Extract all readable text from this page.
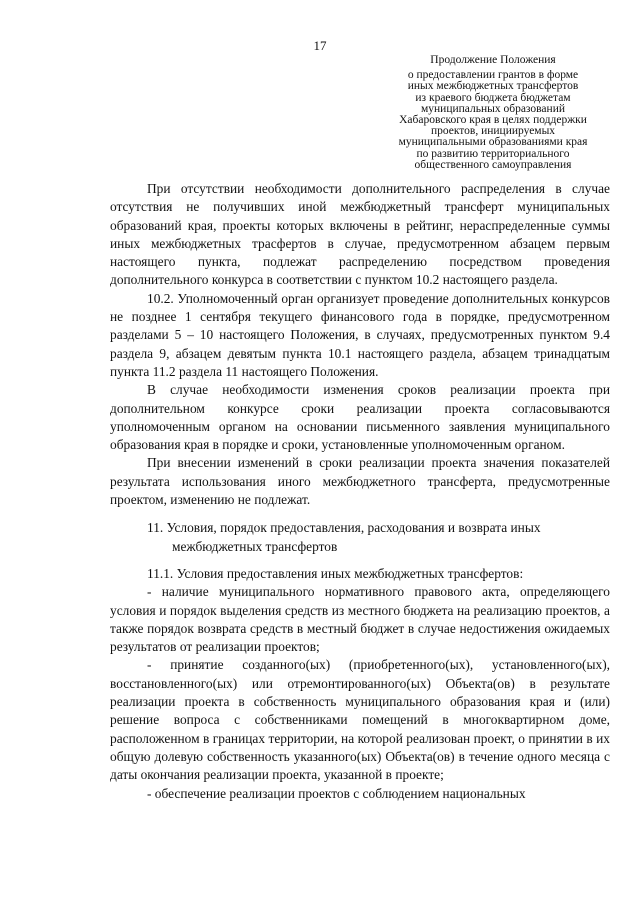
17
Продолжение Положения
о предоставлении грантов в форме
иных межбюджетных трансфертов
из краевого бюджета бюджетам
муниципальных образований
Хабаровского края в целях поддержки
проектов, инициируемых
муниципальными образованиями края
по развитию территориального
общественного самоуправления

При отсутствии необходимости дополнительного распределения в случае отсутствия не получивших иной межбюджетный трансферт муниципальных образований края, проекты которых включены в рейтинг, нераспределенные суммы иных межбюджетных трасфертов в случае, предусмотренном абзацем первым настоящего пункта, подлежат распределению посредством проведения дополнительного конкурса в соответствии с пунктом 10.2 настоящего раздела.

10.2. Уполномоченный орган организует проведение дополнительных конкурсов не позднее 1 сентября текущего финансового года в порядке, предусмотренном разделами 5 – 10 настоящего Положения, в случаях, предусмотренных пунктом 9.4 раздела 9, абзацем девятым пункта 10.1 настоящего раздела, абзацем тринадцатым пункта 11.2 раздела 11 настоящего Положения.

В случае необходимости изменения сроков реализации проекта при дополнительном конкурсе сроки реализации проекта согласовываются уполномоченным органом на основании письменного заявления муниципального образования края в порядке и сроки, установленные уполномоченным органом.

При внесении изменений в сроки реализации проекта значения показателей результата использования иного межбюджетного трансферта, предусмотренные проектом, изменению не подлежат.

11. Условия, порядок предоставления, расходования и возврата иных межбюджетных трансфертов

11.1. Условия предоставления иных межбюджетных трансфертов:

- наличие муниципального нормативного правового акта, определяющего условия и порядок выделения средств из местного бюджета на реализацию проектов, а также порядок возврата средств в местный бюджет в случае недостижения ожидаемых результатов от реализации проектов;

- принятие созданного(ых) (приобретенного(ых), установленного(ых), восстановленного(ых) или отремонтированного(ых) Объекта(ов) в результате реализации проекта в собственность муниципального образования края и (или) решение вопроса с собственниками помещений в многоквартирном доме, расположенном в границах территории, на которой реализован проект, о принятии в их общую долевую собственность указанного(ых) Объекта(ов) в течение одного месяца с даты окончания реализации проекта, указанной в проекте;

- обеспечение реализации проектов с соблюдением национальных
